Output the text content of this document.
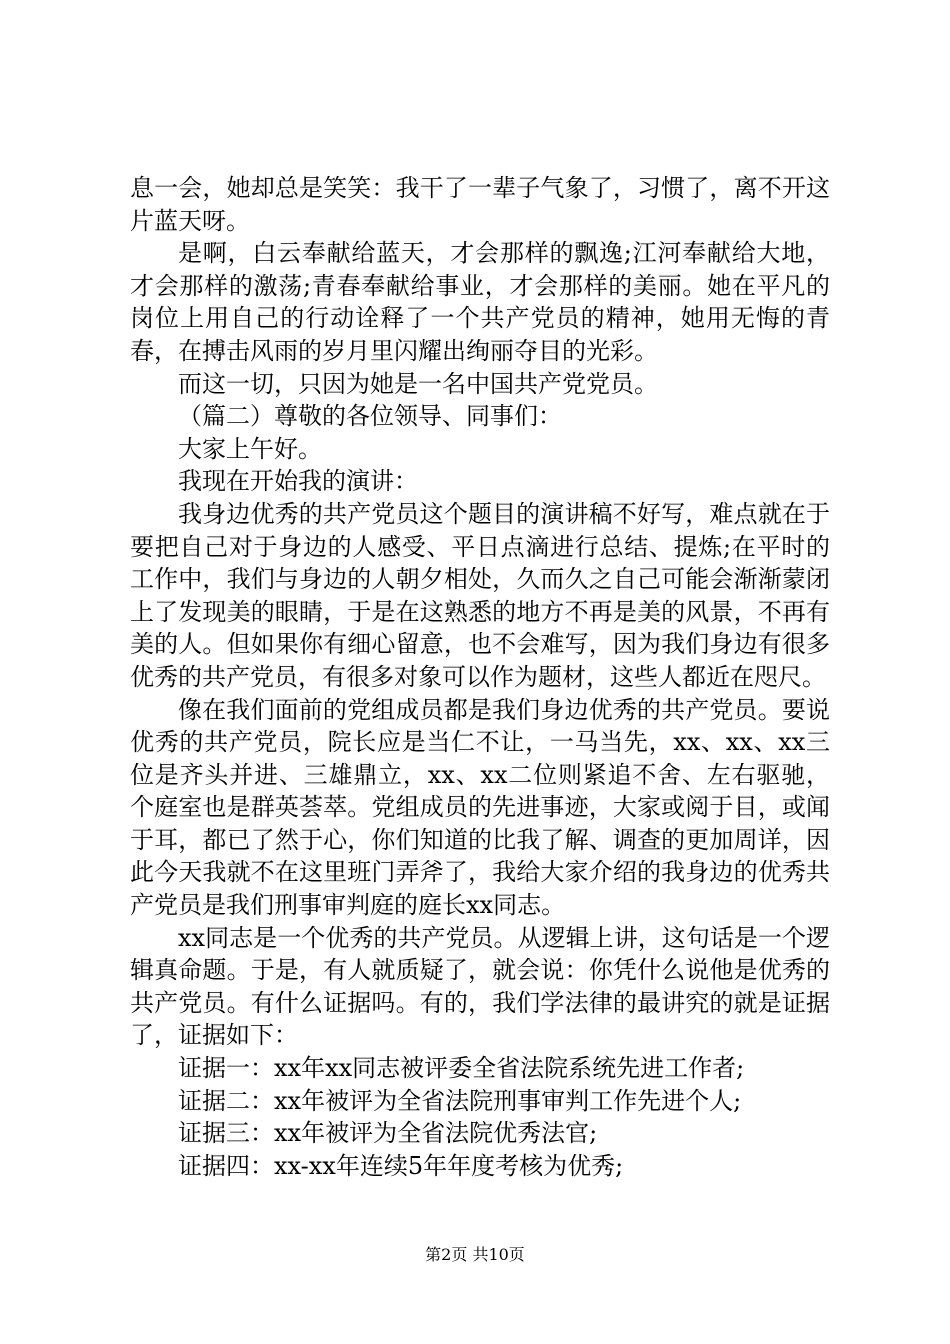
息一会，她却总是笑笑：我干了一辈子气象了，习惯了，离不开这片蓝天呀。

是啊，白云奉献给蓝天，才会那样的飘逸;江河奉献给大地，才会那样的激荡;青春奉献给事业，才会那样的美丽。她在平凡的岗位上用自己的行动诠释了一个共产党员的精神，她用无悔的青春，在搏击风雨的岁月里闪耀出绚丽夺目的光彩。

而这一切，只因为她是一名中国共产党党员。

（篇二）尊敬的各位领导、同事们：

大家上午好。

我现在开始我的演讲：

我身边优秀的共产党员这个题目的演讲稿不好写，难点就在于要把自己对于身边的人感受、平日点滴进行总结、提炼;在平时的工作中，我们与身边的人朝夕相处，久而久之自己可能会渐渐蒙闭上了发现美的眼睛，于是在这熟悉的地方不再是美的风景，不再有美的人。但如果你有细心留意，也不会难写，因为我们身边有很多优秀的共产党员，有很多对象可以作为题材，这些人都近在咫尺。

像在我们面前的党组成员都是我们身边优秀的共产党员。要说优秀的共产党员，院长应是当仁不让，一马当先，xx、xx、xx三位是齐头并进、三雄鼎立，xx、xx二位则紧追不舍、左右驱驰，个庭室也是群英荟萃。党组成员的先进事迹，大家或阅于目，或闻于耳，都已了然于心，你们知道的比我了解、调查的更加周详，因此今天我就不在这里班门弄斧了，我给大家介绍的我身边的优秀共产党员是我们刑事审判庭的庭长xx同志。

xx同志是一个优秀的共产党员。从逻辑上讲，这句话是一个逻辑真命题。于是，有人就质疑了，就会说：你凭什么说他是优秀的共产党员。有什么证据吗。有的，我们学法律的最讲究的就是证据了，证据如下：

证据一：xx年xx同志被评委全省法院系统先进工作者;

证据二：xx年被评为全省法院刑事审判工作先进个人;

证据三：xx年被评为全省法院优秀法官;

证据四：xx-xx年连续5年年度考核为优秀;

第2页 共10页
